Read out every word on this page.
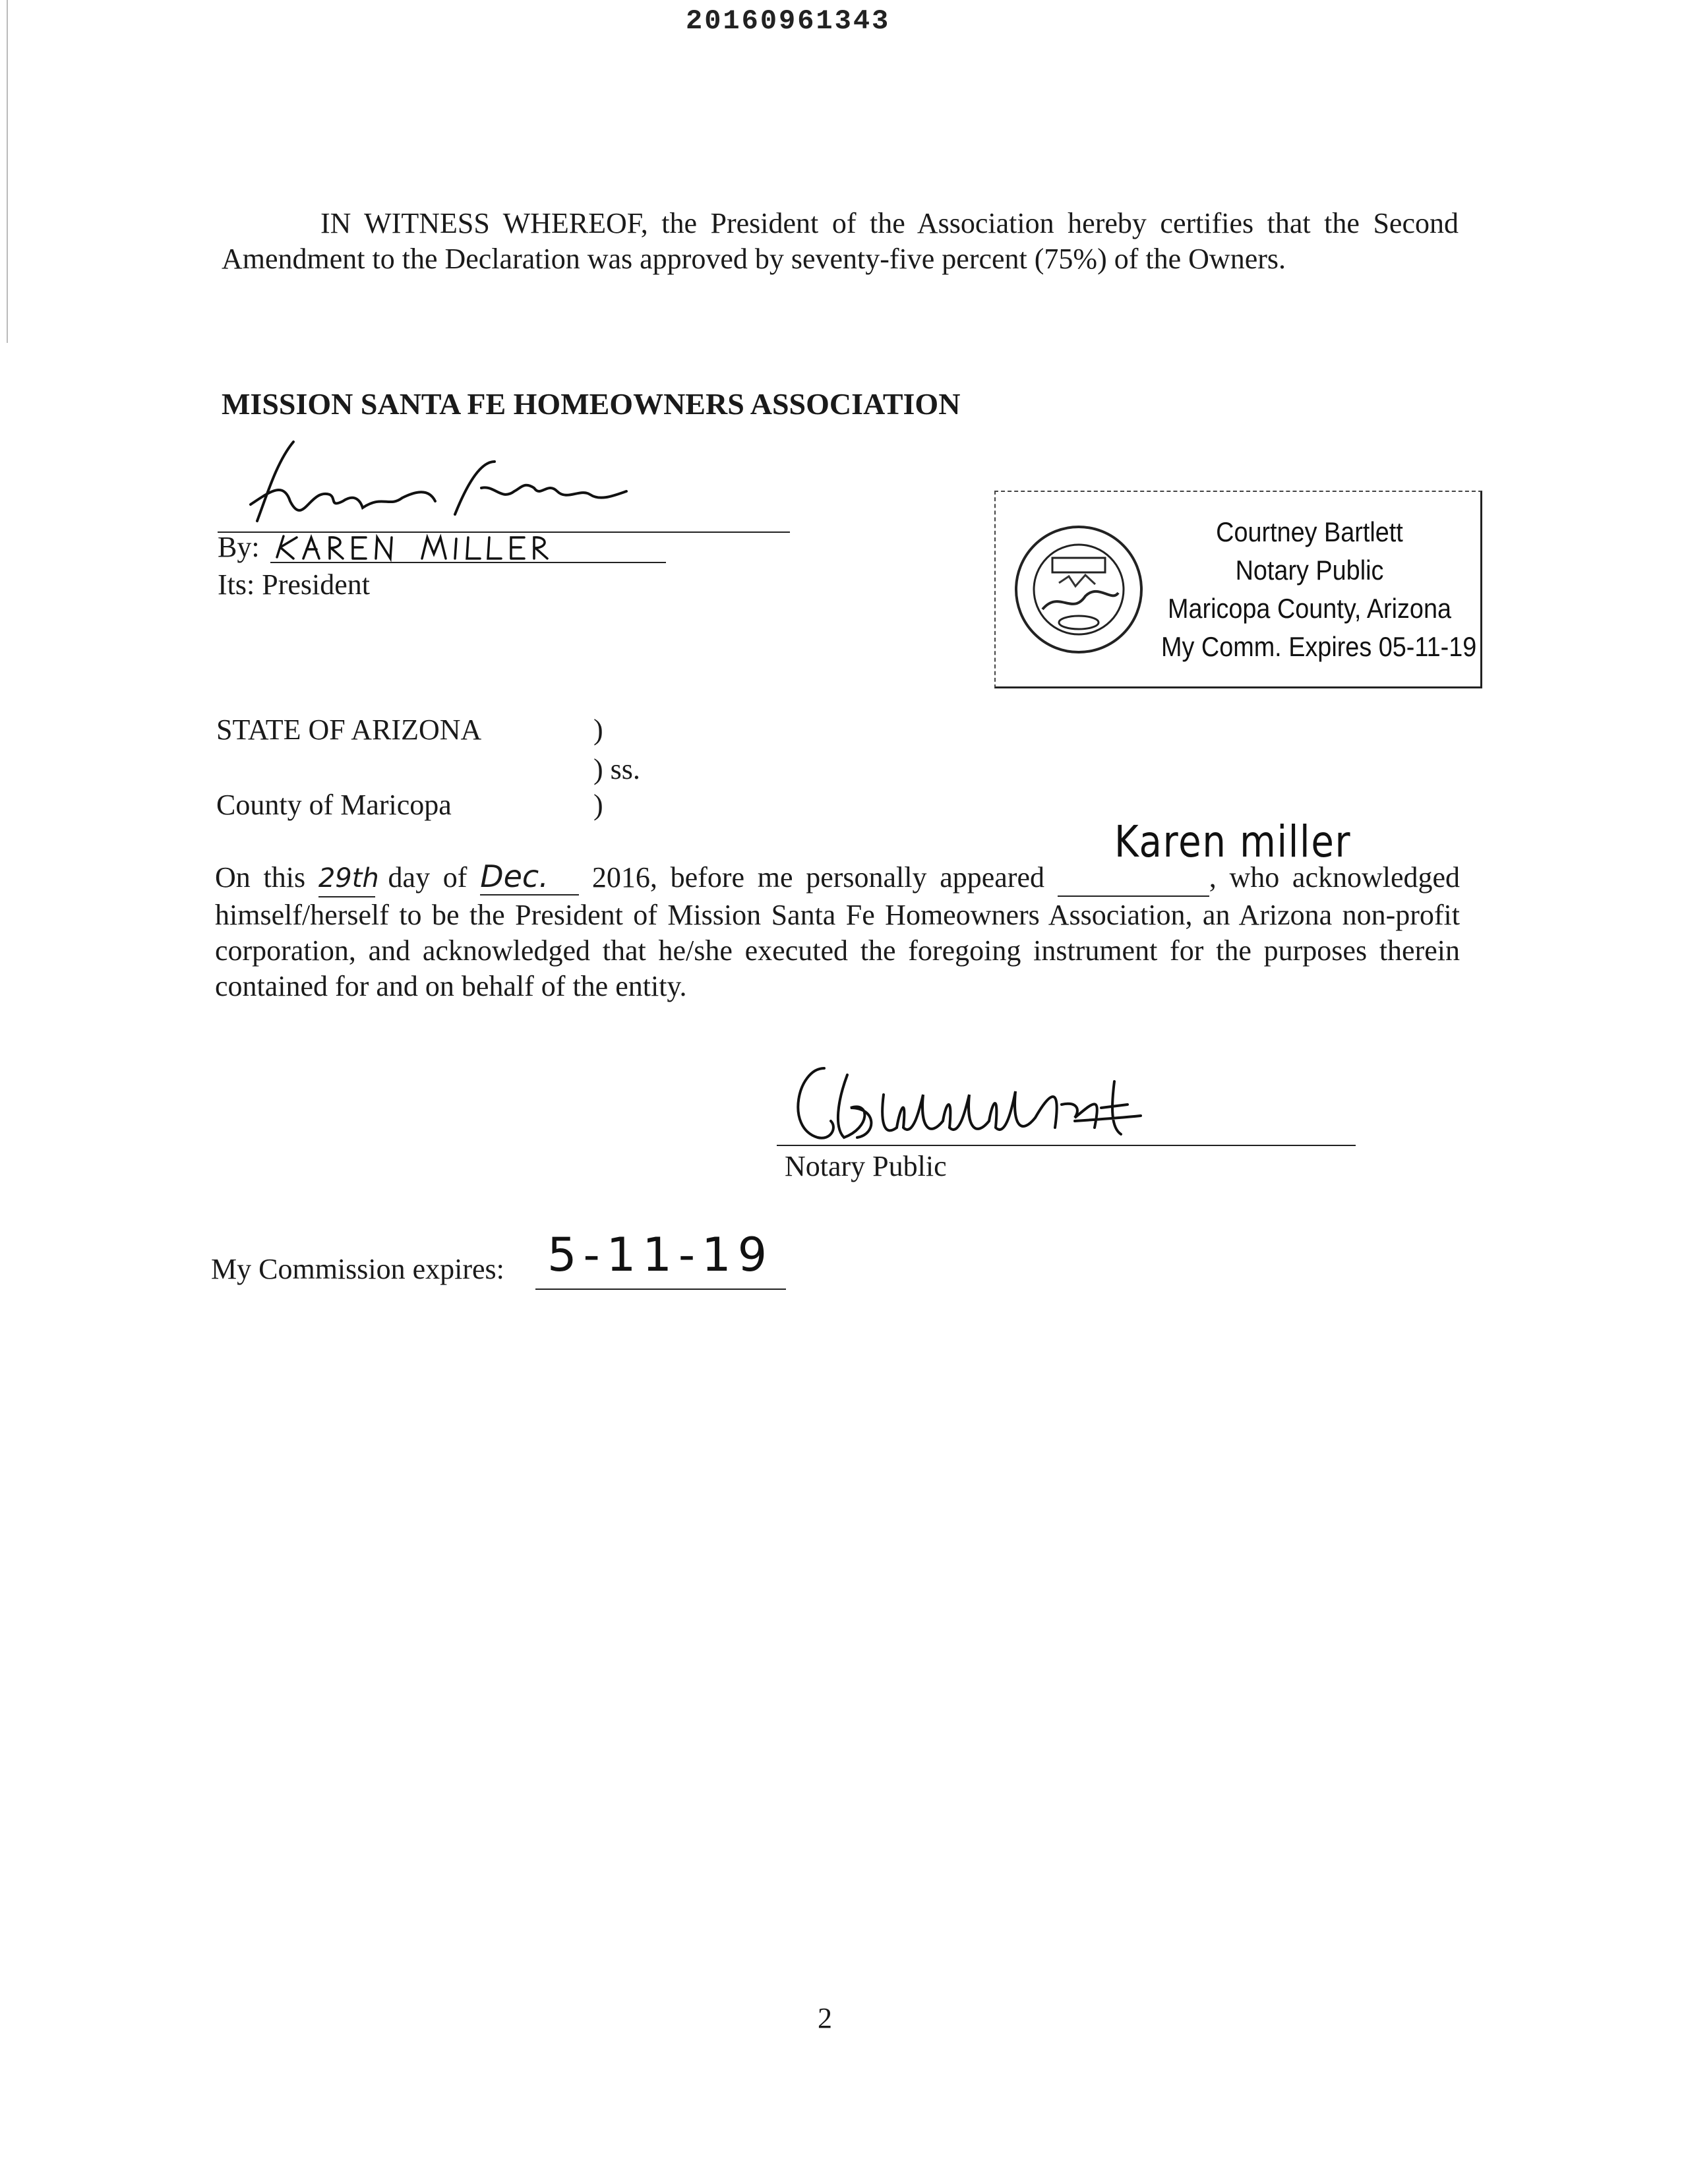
20160961343
IN WITNESS WHEREOF, the President of the Association hereby certifies that the Second Amendment to the Declaration was approved by seventy-five percent (75%) of the Owners.
MISSION SANTA FE HOMEOWNERS ASSOCIATION
By:
Its: President
Courtney Bartlett
Notary Public
Maricopa County, Arizona
My Comm. Expires 05-11-19
STATE OF ARIZONA	)
) ss.
County of Maricopa	)

On this 29th day of Dec. 2016, before me personally appeared	, who acknowledged

himself/herself to be the President of Mission Santa Fe Homeowners Association, an Arizona non-profit corporation, and acknowledged that he/she executed the foregoing instrument for the purposes therein contained for and on behalf of the entity.

Karen miller
Notary Public
My Commission expires: 5-11-19
2
